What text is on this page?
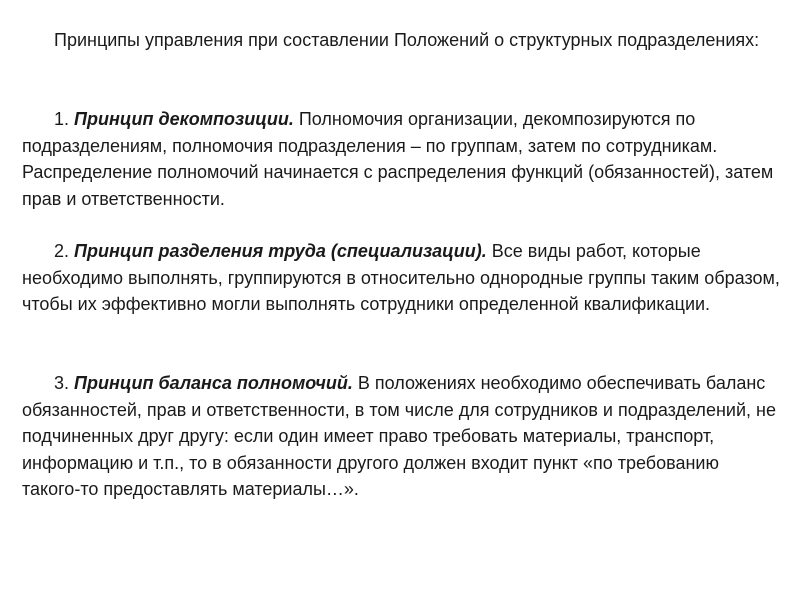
Принципы управления при составлении Положений о структурных подразделениях:

1. Принцип декомпозиции. Полномочия организации, декомпозируются по подразделениям, полномочия подразделения – по группам, затем по сотрудникам. Распределение полномочий начинается с распределения функций (обязанностей), затем прав и ответственности.

2. Принцип разделения труда (специализации). Все виды работ, которые необходимо выполнять, группируются в относительно однородные группы таким образом, чтобы их эффективно могли выполнять сотрудники определенной квалификации.

3. Принцип баланса полномочий. В положениях необходимо обеспечивать баланс обязанностей, прав и ответственности, в том числе для сотрудников и подразделений, не подчиненных друг другу: если один имеет право требовать материалы, транспорт, информацию и т.п., то в обязанности другого должен входит пункт «по требованию такого-то предоставлять материалы…».
